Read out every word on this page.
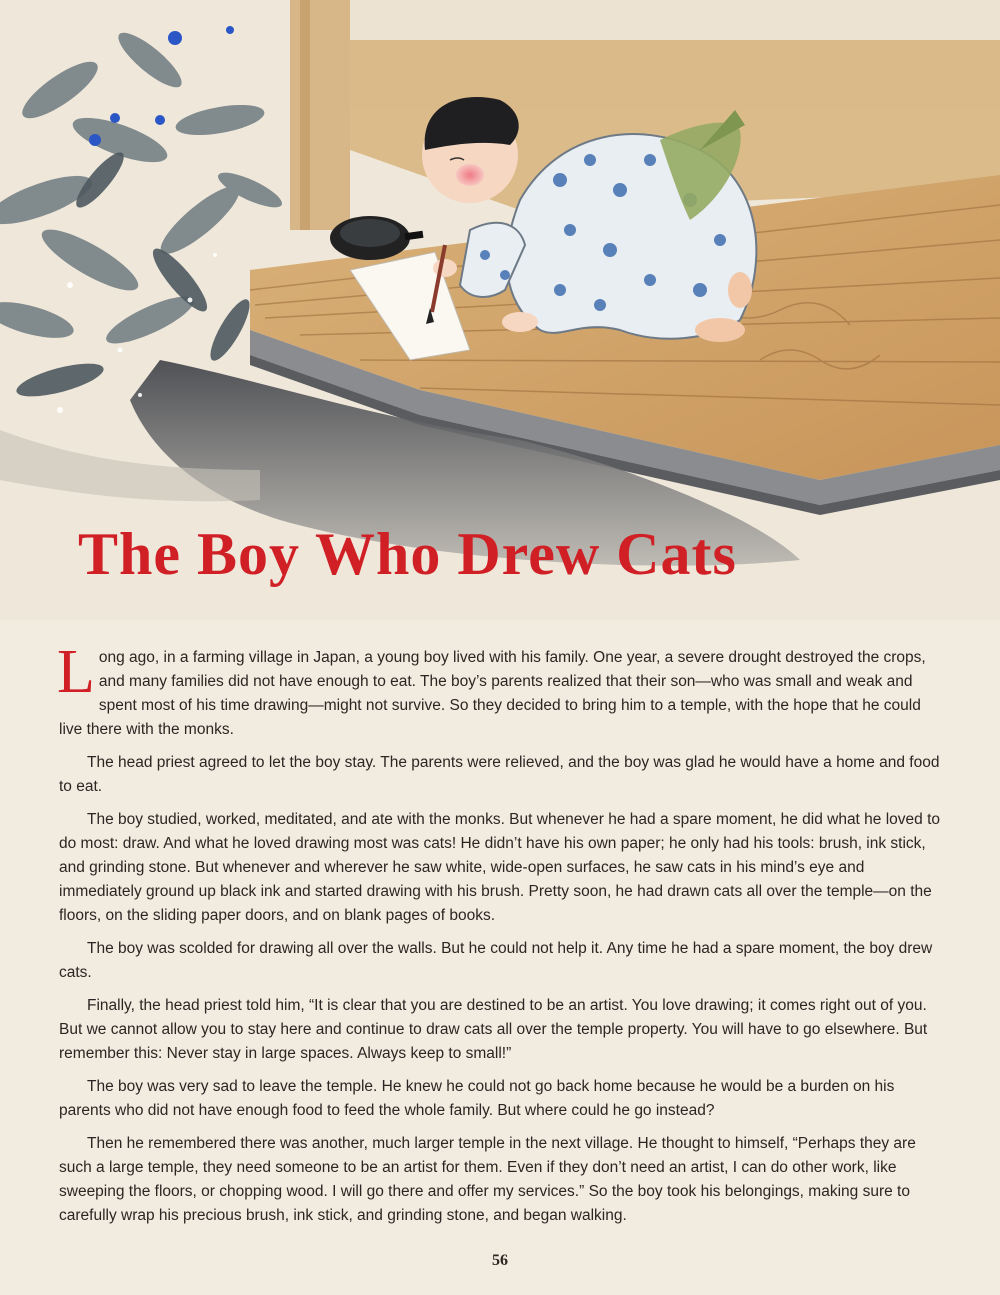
The Boy Who Drew Cats

Long ago, in a farming village in Japan, a young boy lived with his family. One year, a severe drought destroyed the crops, and many families did not have enough to eat. The boy’s parents realized that their son—who was small and weak and spent most of his time drawing—might not survive. So they decided to bring him to a temple, with the hope that he could live there with the monks.

The head priest agreed to let the boy stay. The parents were relieved, and the boy was glad he would have a home and food to eat.

The boy studied, worked, meditated, and ate with the monks. But whenever he had a spare moment, he did what he loved to do most: draw. And what he loved drawing most was cats! He didn’t have his own paper; he only had his tools: brush, ink stick, and grinding stone. But whenever and wherever he saw white, wide-open surfaces, he saw cats in his mind’s eye and immediately ground up black ink and started drawing with his brush. Pretty soon, he had drawn cats all over the temple—on the floors, on the sliding paper doors, and on blank pages of books.

The boy was scolded for drawing all over the walls. But he could not help it. Any time he had a spare moment, the boy drew cats.

Finally, the head priest told him, “It is clear that you are destined to be an artist. You love drawing; it comes right out of you. But we cannot allow you to stay here and continue to draw cats all over the temple property. You will have to go elsewhere. But remember this: Never stay in large spaces. Always keep to small!”

The boy was very sad to leave the temple. He knew he could not go back home because he would be a burden on his parents who did not have enough food to feed the whole family. But where could he go instead?

Then he remembered there was another, much larger temple in the next village. He thought to himself, “Perhaps they are such a large temple, they need someone to be an artist for them. Even if they don’t need an artist, I can do other work, like sweeping the floors, or chopping wood. I will go there and offer my services.” So the boy took his belongings, making sure to carefully wrap his precious brush, ink stick, and grinding stone, and began walking.

56
